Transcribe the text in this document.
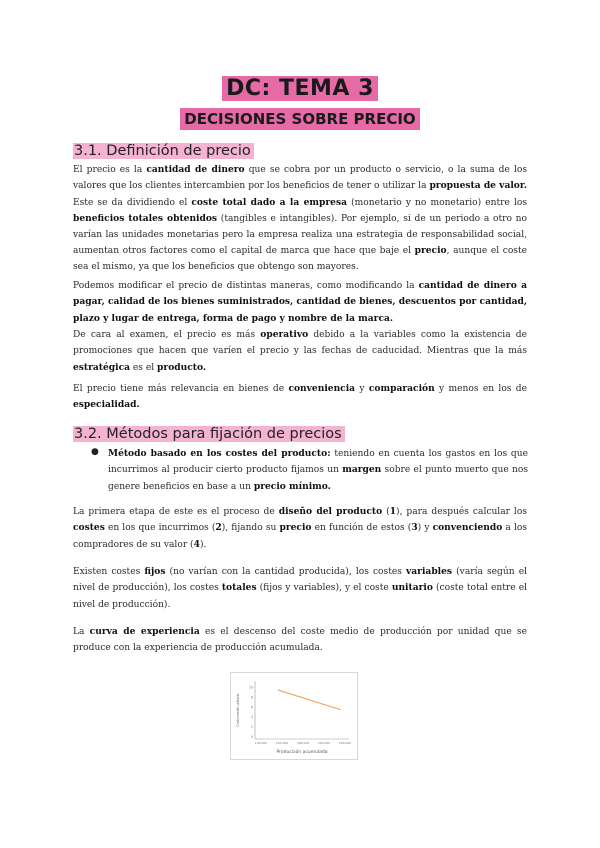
DC: TEMA 3
DECISIONES SOBRE PRECIO
3.1. Definición de precio

El precio es la cantidad de dinero que se cobra por un producto o servicio, o la suma de los valores que los clientes intercambien por los beneficios de tener o utilizar la propuesta de valor. Este se da dividiendo el coste total dado a la empresa (monetario y no monetario) entre los beneficios totales obtenidos (tangibles e intangibles). Por ejemplo, si de un periodo a otro no varían las unidades monetarias pero la empresa realiza una estrategia de responsabilidad social, aumentan otros factores como el capital de marca que hace que baje el precio, aunque el coste sea el mismo, ya que los beneficios que obtengo son mayores.

Podemos modificar el precio de distintas maneras, como modificando la cantidad de dinero a pagar, calidad de los bienes suministrados, cantidad de bienes, descuentos por cantidad, plazo y lugar de entrega, forma de pago y nombre de la marca.

De cara al examen, el precio es más operativo debido a la variables como la existencia de promociones que hacen que varíen el precio y las fechas de caducidad. Mientras que la más estratégica es el producto.

El precio tiene más relevancia en bienes de conveniencia y comparación y menos en los de especialidad.

3.2. Métodos para fijación de precios
● Método basado en los costes del producto: teniendo en cuenta los gastos en los que incurrimos al producir cierto producto fijamos un margen sobre el punto muerto que nos genere beneficios en base a un precio mínimo.

La primera etapa de este es el proceso de diseño del producto (1), para después calcular los costes en los que incurrimos (2), fijando su precio en función de estos (3) y convenciendo a los compradores de su valor (4).

Existen costes fijos (no varían con la cantidad producida), los costes variables (varía según el nivel de producción), los costes totales (fijos y variables), y el coste unitario (coste total entre el nivel de producción).

La curva de experiencia es el descenso del coste medio de producción por unidad que se produce con la experiencia de producción acumulada.

10
8
6
4
2
0
100.000	200.000	300.000	400.000	500.000
Coste medio unitario
Producción acumulada
